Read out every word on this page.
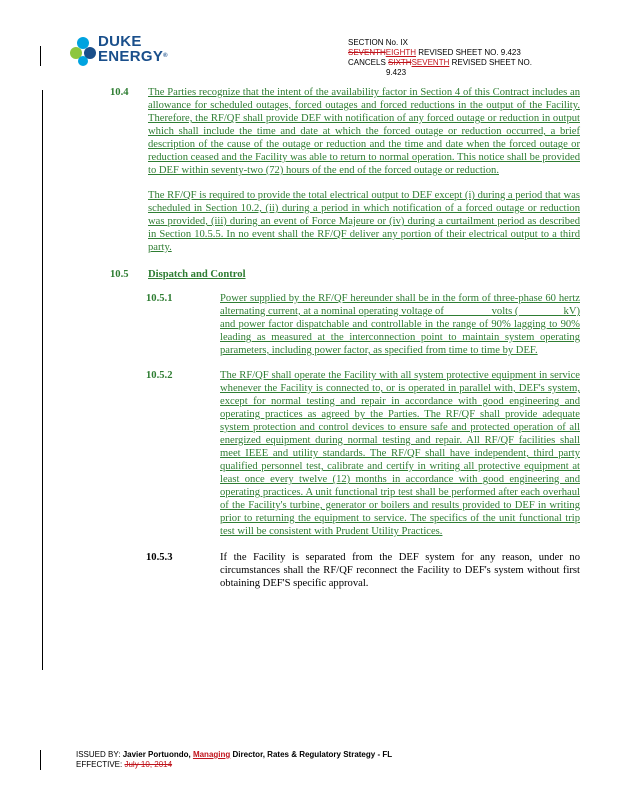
DUKE
ENERGY®
SECTION No. IX
SEVENTHEIGHTH REVISED SHEET NO. 9.423
CANCELS SIXTHSEVENTH REVISED SHEET NO.
9.423
10.4 The Parties recognize that the intent of the availability factor in Section 4 of this Contract includes an allowance for scheduled outages, forced outages and forced reductions in the output of the Facility. Therefore, the RF/QF shall provide DEF with notification of any forced outage or reduction in output which shall include the time and date at which the forced outage or reduction occurred, a brief description of the cause of the outage or reduction and the time and date when the forced outage or reduction ceased and the Facility was able to return to normal operation. This notice shall be provided to DEF within seventy-two (72) hours of the end of the forced outage or reduction.

The RF/QF is required to provide the total electrical output to DEF except (i) during a period that was scheduled in Section 10.2, (ii) during a period in which notification of a forced outage or reduction was provided, (iii) during an event of Force Majeure or (iv) during a curtailment period as described in Section 10.5.5. In no event shall the RF/QF deliver any portion of their electrical output to a third party.

10.5 Dispatch and Control
10.5.1	Power supplied by the RF/QF hereunder shall be in the form of three-phase 60 hertz alternating current, at a nominal operating voltage of ________ volts (________ kV) and power factor dispatchable and controllable in the range of 90% lagging to 90% leading as measured at the interconnection point to maintain system operating parameters, including power factor, as specified from time to time by DEF.

10.5.2	The RF/QF shall operate the Facility with all system protective equipment in service whenever the Facility is connected to, or is operated in parallel with, DEF's system, except for normal testing and repair in accordance with good engineering and operating practices as agreed by the Parties. The RF/QF shall provide adequate system protection and control devices to ensure safe and protected operation of all energized equipment during normal testing and repair. All RF/QF facilities shall meet IEEE and utility standards. The RF/QF shall have independent, third party qualified personnel test, calibrate and certify in writing all protective equipment at least once every twelve (12) months in accordance with good engineering and operating practices. A unit functional trip test shall be performed after each overhaul of the Facility's turbine, generator or boilers and results provided to DEF in writing prior to returning the equipment to service. The specifics of the unit functional trip test will be consistent with Prudent Utility Practices.

10.5.3	If the Facility is separated from the DEF system for any reason, under no circumstances shall the RF/QF reconnect the Facility to DEF's system without first obtaining DEF'S specific approval.

ISSUED BY: Javier Portuondo, Managing Director, Rates & Regulatory Strategy - FL
EFFECTIVE: July 10, 2014
